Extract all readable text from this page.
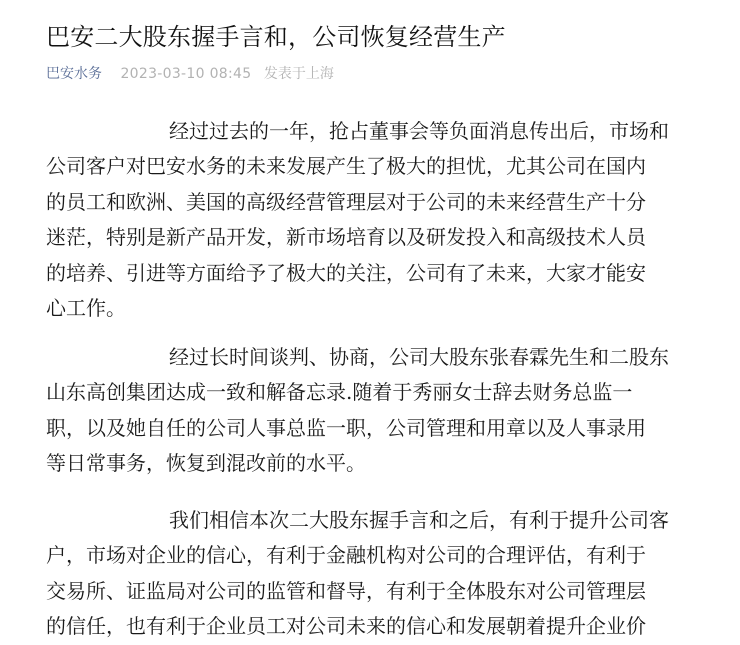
巴安二大股东握手言和，公司恢复经营生产
巴安水务 2023-03-10 08:45 发表于上海

经过过去的一年，抢占董事会等负面消息传出后，市场和
公司客户对巴安水务的未来发展产生了极大的担忧，尤其公司在国内
的员工和欧洲、美国的高级经营管理层对于公司的未来经营生产十分
迷茫，特别是新产品开发，新市场培育以及研发投入和高级技术人员
的培养、引进等方面给予了极大的关注，公司有了未来，大家才能安
心工作。

经过长时间谈判、协商，公司大股东张春霖先生和二股东
山东高创集团达成一致和解备忘录.随着于秀丽女士辞去财务总监一
职，以及她自任的公司人事总监一职，公司管理和用章以及人事录用
等日常事务，恢复到混改前的水平。

我们相信本次二大股东握手言和之后，有利于提升公司客
户，市场对企业的信心，有利于金融机构对公司的合理评估，有利于
交易所、证监局对公司的监管和督导，有利于全体股东对公司管理层
的信任，也有利于企业员工对公司未来的信心和发展朝着提升企业价
